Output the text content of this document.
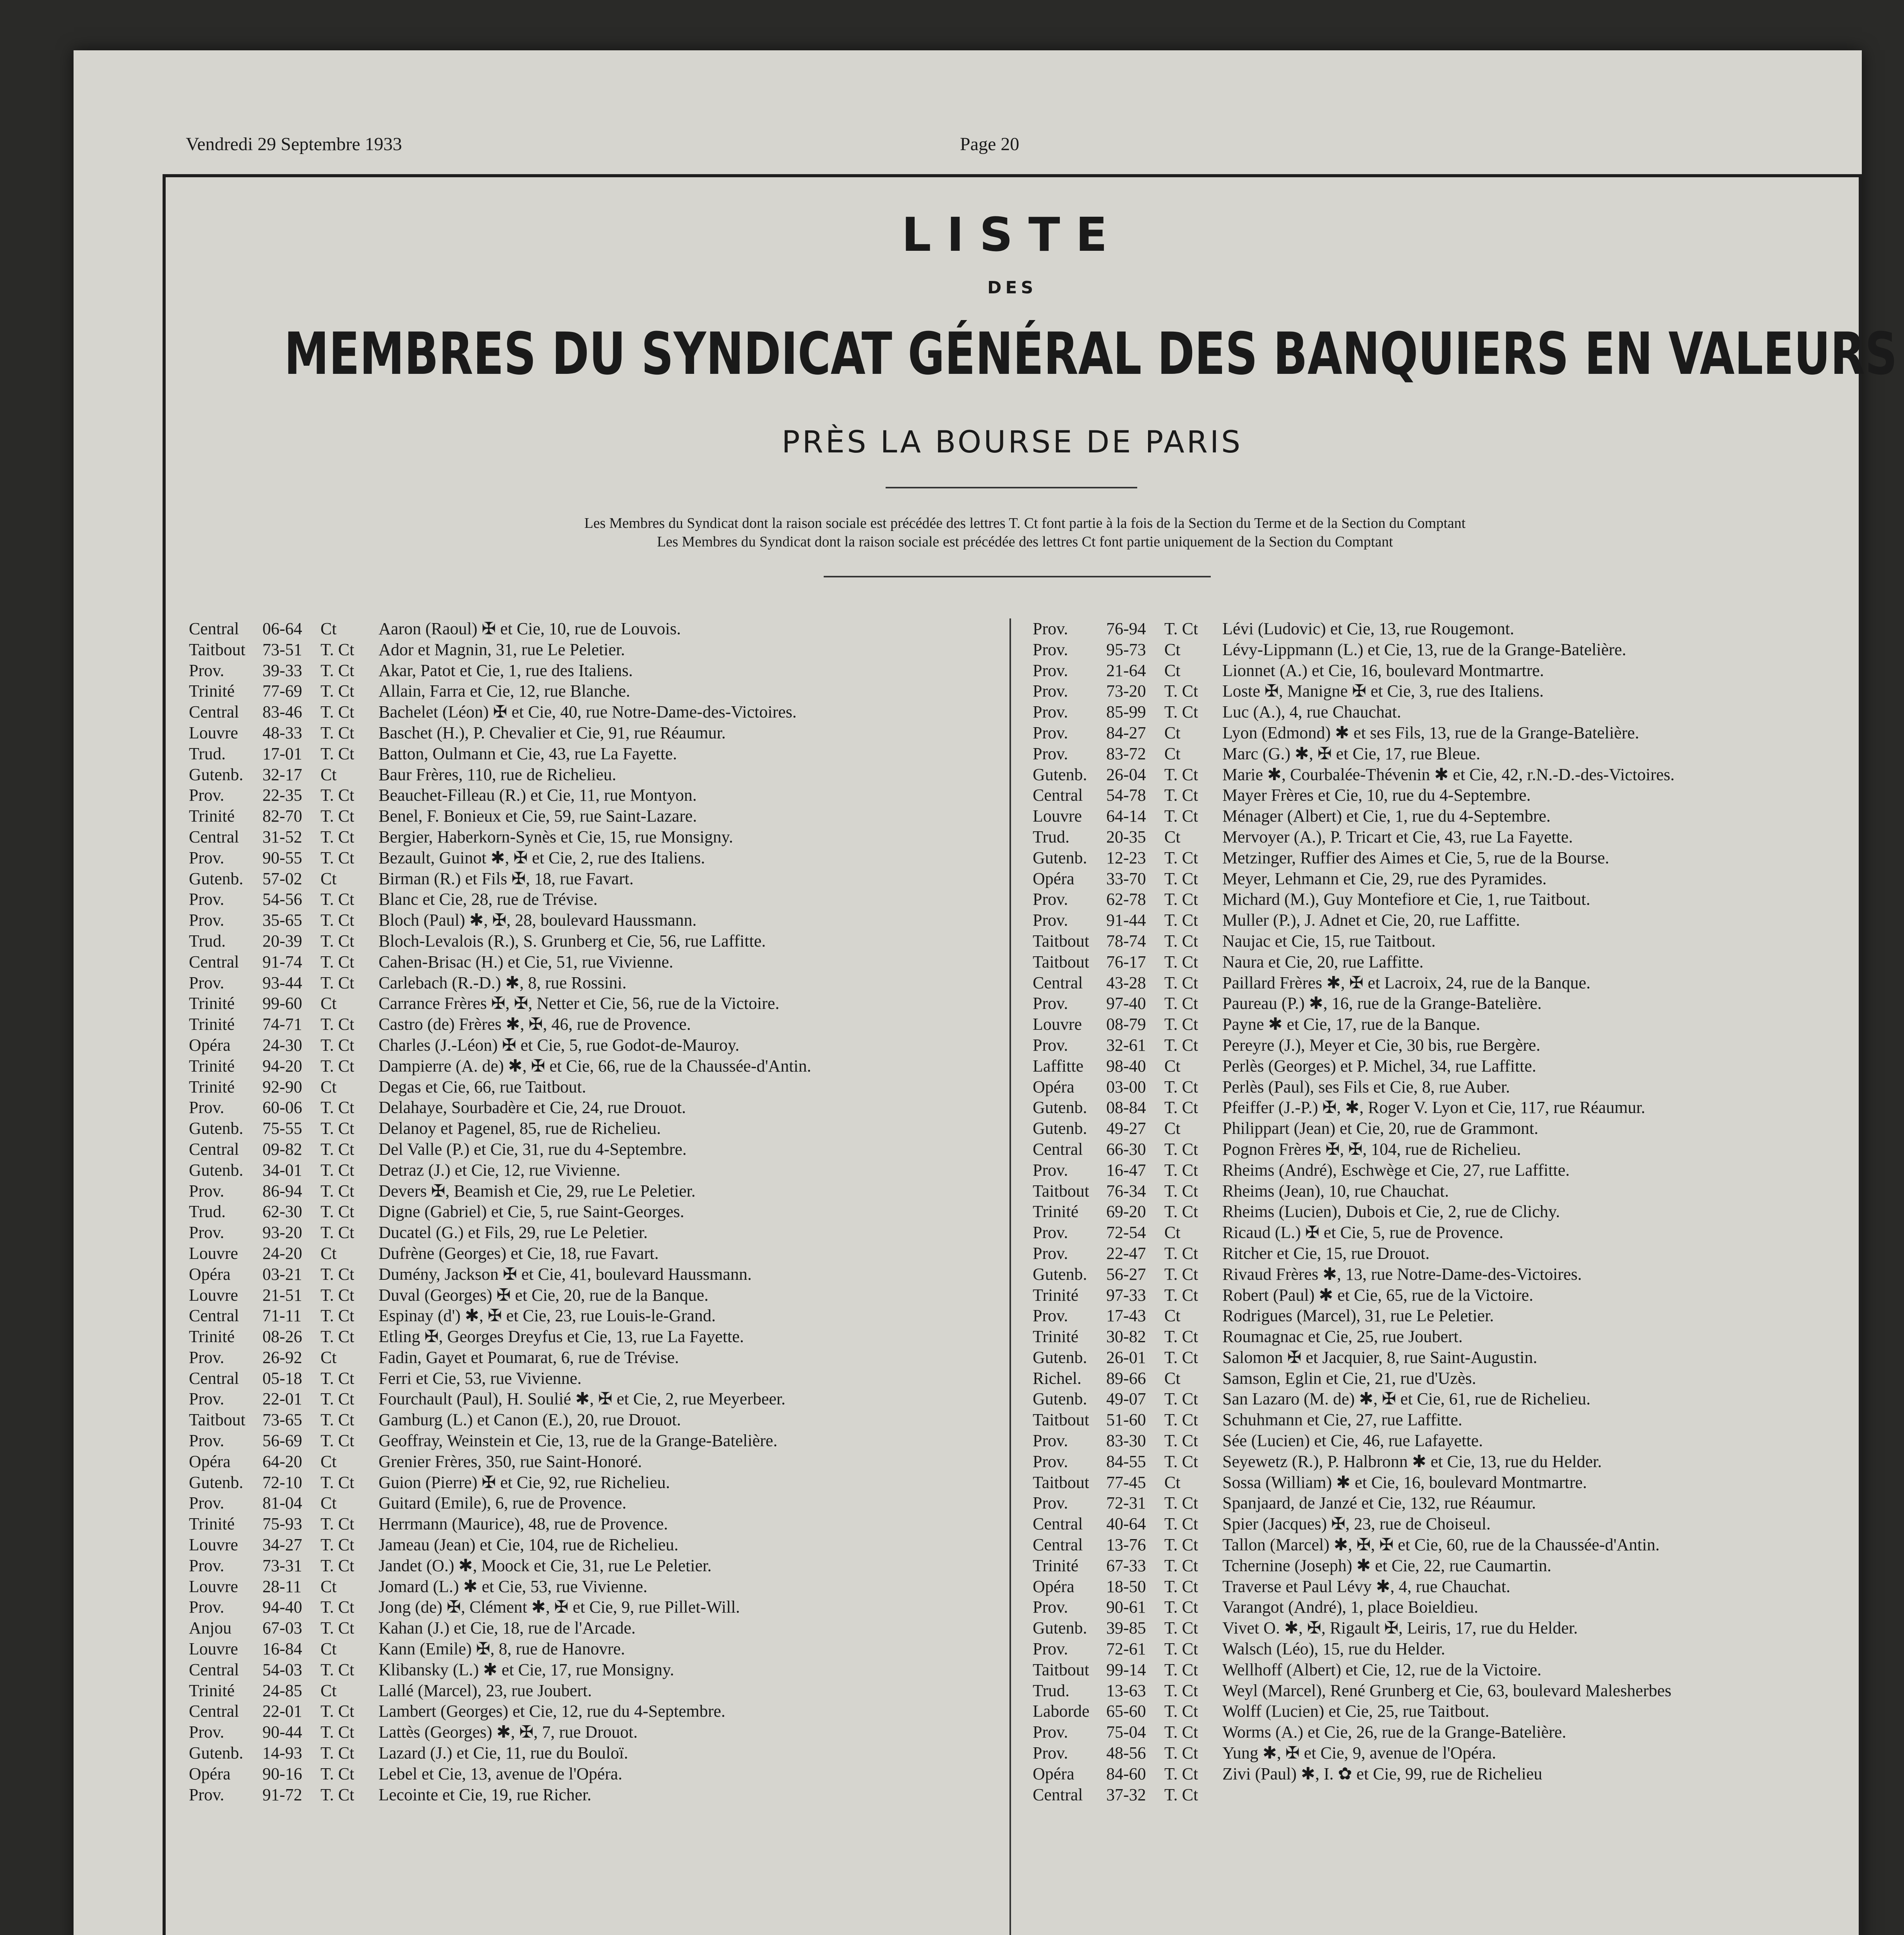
Vendredi 29 Septembre 1933	Page 20
LISTE
DES
MEMBRES DU SYNDICAT GÉNÉRAL DES BANQUIERS EN VALEURS
PRÈS LA BOURSE DE PARIS
Les Membres du Syndicat dont la raison sociale est précédée des lettres T. Ct font partie à la fois de la Section du Terme et de la Section du Comptant
Les Membres du Syndicat dont la raison sociale est précédée des lettres Ct font partie uniquement de la Section du Comptant
Central	06-64	Ct	Aaron (Raoul) ✠ et Cie, 10, rue de Louvois.
Taitbout 73-51	T. Ct	Ador et Magnin, 31, rue Le Peletier.
Prov.	39-33	T. Ct	Akar, Patot et Cie, 1, rue des Italiens.
Trinité	77-69	T. Ct	Allain, Farra et Cie, 12, rue Blanche.
Central	83-46	T. Ct	Bachelet (Léon) ✠ et Cie, 40, rue Notre-Dame-des-Victoires.
Louvre	48-33	T. Ct	Baschet (H.), P. Chevalier et Cie, 91, rue Réaumur.
Trud.	17-01	T. Ct	Batton, Oulmann et Cie, 43, rue La Fayette.
Gutenb.	32-17	Ct	Baur Frères, 110, rue de Richelieu.
Prov.	22-35	T. Ct	Beauchet-Filleau (R.) et Cie, 11, rue Montyon.
Trinité	82-70	T. Ct	Benel, F. Bonieux et Cie, 59, rue Saint-Lazare.
Central	31-52	T. Ct	Bergier, Haberkorn-Synès et Cie, 15, rue Monsigny.
Prov.	90-55	T. Ct	Bezault, Guinot ✱, ✠ et Cie, 2, rue des Italiens.
Gutenb.	57-02	Ct	Birman (R.) et Fils ✠, 18, rue Favart.
Prov.	54-56	T. Ct	Blanc et Cie, 28, rue de Trévise.
Prov.	35-65	T. Ct	Bloch (Paul) ✱, ✠, 28, boulevard Haussmann.
Trud.	20-39	T. Ct	Bloch-Levalois (R.), S. Grunberg et Cie, 56, rue Laffitte.
Central	91-74	T. Ct	Cahen-Brisac (H.) et Cie, 51, rue Vivienne.
Prov.	93-44	T. Ct	Carlebach (R.-D.) ✱, 8, rue Rossini.
Trinité	99-60	Ct	Carrance Frères ✠, ✠, Netter et Cie, 56, rue de la Victoire.
Trinité	74-71	T. Ct	Castro (de) Frères ✱, ✠, 46, rue de Provence.
Opéra	24-30	T. Ct	Charles (J.-Léon) ✠ et Cie, 5, rue Godot-de-Mauroy.
Trinité	94-20	T. Ct	Dampierre (A. de) ✱, ✠ et Cie, 66, rue de la Chaussée-d'Antin.
Trinité	92-90	Ct	Degas et Cie, 66, rue Taitbout.
Prov.	60-06	T. Ct	Delahaye, Sourbadère et Cie, 24, rue Drouot.
Gutenb.	75-55	T. Ct	Delanoy et Pagenel, 85, rue de Richelieu.
Central	09-82	T. Ct	Del Valle (P.) et Cie, 31, rue du 4-Septembre.
Gutenb.	34-01	T. Ct	Detraz (J.) et Cie, 12, rue Vivienne.
Prov.	86-94	T. Ct	Devers ✠, Beamish et Cie, 29, rue Le Peletier.
Trud.	62-30	T. Ct	Digne (Gabriel) et Cie, 5, rue Saint-Georges.
Prov.	93-20	T. Ct	Ducatel (G.) et Fils, 29, rue Le Peletier.
Louvre	24-20	Ct	Dufrène (Georges) et Cie, 18, rue Favart.
Opéra	03-21	T. Ct	Dumény, Jackson ✠ et Cie, 41, boulevard Haussmann.
Louvre	21-51	T. Ct	Duval (Georges) ✠ et Cie, 20, rue de la Banque.
Central	71-11	T. Ct	Espinay (d') ✱, ✠ et Cie, 23, rue Louis-le-Grand.
Trinité	08-26	T. Ct	Etling ✠, Georges Dreyfus et Cie, 13, rue La Fayette.
Prov.	26-92	Ct	Fadin, Gayet et Poumarat, 6, rue de Trévise.
Central	05-18	T. Ct	Ferri et Cie, 53, rue Vivienne.
Prov.	22-01	T. Ct	Fourchault (Paul), H. Soulié ✱, ✠ et Cie, 2, rue Meyerbeer.
Taitbout 73-65	T. Ct	Gamburg (L.) et Canon (E.), 20, rue Drouot.
Prov.	56-69	T. Ct	Geoffray, Weinstein et Cie, 13, rue de la Grange-Batelière.
Opéra	64-20	Ct	Grenier Frères, 350, rue Saint-Honoré.
Gutenb.	72-10	T. Ct	Guion (Pierre) ✠ et Cie, 92, rue Richelieu.
Prov.	81-04	Ct	Guitard (Emile), 6, rue de Provence.
Trinité	75-93	T. Ct	Herrmann (Maurice), 48, rue de Provence.
Louvre	34-27	T. Ct	Jameau (Jean) et Cie, 104, rue de Richelieu.
Prov.	73-31	T. Ct	Jandet (O.) ✱, Moock et Cie, 31, rue Le Peletier.
Louvre	28-11	Ct	Jomard (L.) ✱ et Cie, 53, rue Vivienne.
Prov.	94-40	T. Ct	Jong (de) ✠, Clément ✱, ✠ et Cie, 9, rue Pillet-Will.
Anjou	67-03	T. Ct	Kahan (J.) et Cie, 18, rue de l'Arcade.
Louvre	16-84	Ct	Kann (Emile) ✠, 8, rue de Hanovre.
Central	54-03	T. Ct	Klibansky (L.) ✱ et Cie, 17, rue Monsigny.
Trinité	24-85	Ct	Lallé (Marcel), 23, rue Joubert.
Central	22-01	T. Ct	Lambert (Georges) et Cie, 12, rue du 4-Septembre.
Prov.	90-44	T. Ct	Lattès (Georges) ✱, ✠, 7, rue Drouot.
Gutenb.	14-93	T. Ct	Lazard (J.) et Cie, 11, rue du Bouloï.
Opéra	90-16	T. Ct	Lebel et Cie, 13, avenue de l'Opéra.
Prov.	91-72	T. Ct	Lecointe et Cie, 19, rue Richer.
Prov.	76-94	T. Ct	Lévi (Ludovic) et Cie, 13, rue Rougemont.
Prov.	95-73	Ct	Lévy-Lippmann (L.) et Cie, 13, rue de la Grange-Batelière.
Prov.	21-64	Ct	Lionnet (A.) et Cie, 16, boulevard Montmartre.
Prov.	73-20	T. Ct	Loste ✠, Manigne ✠ et Cie, 3, rue des Italiens.
Prov.	85-99	T. Ct	Luc (A.), 4, rue Chauchat.
Prov.	84-27	Ct	Lyon (Edmond) ✱ et ses Fils, 13, rue de la Grange-Batelière.
Prov.	83-72	Ct	Marc (G.) ✱, ✠ et Cie, 17, rue Bleue.
Gutenb.	26-04	T. Ct	Marie ✱, Courbalée-Thévenin ✱ et Cie, 42, r.N.-D.-des-Victoires.
Central	54-78	T. Ct	Mayer Frères et Cie, 10, rue du 4-Septembre.
Louvre	64-14	T. Ct	Ménager (Albert) et Cie, 1, rue du 4-Septembre.
Trud.	20-35	Ct	Mervoyer (A.), P. Tricart et Cie, 43, rue La Fayette.
Gutenb.	12-23	T. Ct	Metzinger, Ruffier des Aimes et Cie, 5, rue de la Bourse.
Opéra	33-70	T. Ct	Meyer, Lehmann et Cie, 29, rue des Pyramides.
Prov.	62-78	T. Ct	Michard (M.), Guy Montefiore et Cie, 1, rue Taitbout.
Prov.	91-44	T. Ct	Muller (P.), J. Adnet et Cie, 20, rue Laffitte.
Taitbout 78-74	T. Ct	Naujac et Cie, 15, rue Taitbout.
Taitbout 76-17	T. Ct	Naura et Cie, 20, rue Laffitte.
Central	43-28	T. Ct	Paillard Frères ✱, ✠ et Lacroix, 24, rue de la Banque.
Prov.	97-40	T. Ct	Paureau (P.) ✱, 16, rue de la Grange-Batelière.
Louvre	08-79	T. Ct	Payne ✱ et Cie, 17, rue de la Banque.
Prov.	32-61	T. Ct	Pereyre (J.), Meyer et Cie, 30 bis, rue Bergère.
Laffitte	98-40	Ct	Perlès (Georges) et P. Michel, 34, rue Laffitte.
Opéra	03-00	T. Ct	Perlès (Paul), ses Fils et Cie, 8, rue Auber.
Gutenb.	08-84	T. Ct	Pfeiffer (J.-P.) ✠, ✱, Roger V. Lyon et Cie, 117, rue Réaumur.
Gutenb.	49-27	Ct	Philippart (Jean) et Cie, 20, rue de Grammont.
Central	66-30	T. Ct	Pognon Frères ✠, ✠, 104, rue de Richelieu.
Prov.	16-47	T. Ct	Rheims (André), Eschwège et Cie, 27, rue Laffitte.
Taitbout 76-34	T. Ct	Rheims (Jean), 10, rue Chauchat.
Trinité	69-20	T. Ct	Rheims (Lucien), Dubois et Cie, 2, rue de Clichy.
Prov.	72-54	Ct	Ricaud (L.) ✠ et Cie, 5, rue de Provence.
Prov.	22-47	T. Ct	Ritcher et Cie, 15, rue Drouot.
Gutenb.	56-27	T. Ct	Rivaud Frères ✱, 13, rue Notre-Dame-des-Victoires.
Trinité	97-33	T. Ct	Robert (Paul) ✱ et Cie, 65, rue de la Victoire.
Prov.	17-43	Ct	Rodrigues (Marcel), 31, rue Le Peletier.
Trinité	30-82	T. Ct	Roumagnac et Cie, 25, rue Joubert.
Gutenb.	26-01	T. Ct	Salomon ✠ et Jacquier, 8, rue Saint-Augustin.
Richel.	89-66	Ct	Samson, Eglin et Cie, 21, rue d'Uzès.
Gutenb.	49-07	T. Ct	San Lazaro (M. de) ✱, ✠ et Cie, 61, rue de Richelieu.
Taitbout 51-60	T. Ct	Schuhmann et Cie, 27, rue Laffitte.
Prov.	83-30	T. Ct	Sée (Lucien) et Cie, 46, rue Lafayette.
Prov.	84-55	T. Ct	Seyewetz (R.), P. Halbronn ✱ et Cie, 13, rue du Helder.
Taitbout 77-45	Ct	Sossa (William) ✱ et Cie, 16, boulevard Montmartre.
Prov.	72-31	T. Ct	Spanjaard, de Janzé et Cie, 132, rue Réaumur.
Central	40-64	T. Ct	Spier (Jacques) ✠, 23, rue de Choiseul.
Central	13-76	T. Ct	Tallon (Marcel) ✱, ✠, ✠ et Cie, 60, rue de la Chaussée-d'Antin.
Trinité	67-33	T. Ct	Tchernine (Joseph) ✱ et Cie, 22, rue Caumartin.
Opéra	18-50	T. Ct	Traverse et Paul Lévy ✱, 4, rue Chauchat.
Prov.	90-61	T. Ct	Varangot (André), 1, place Boieldieu.
Gutenb.	39-85	T. Ct	Vivet O. ✱, ✠, Rigault ✠, Leiris, 17, rue du Helder.
Prov.	72-61	T. Ct	Walsch (Léo), 15, rue du Helder.
Taitbout 99-14	T. Ct	Wellhoff (Albert) et Cie, 12, rue de la Victoire.
Trud.	13-63	T. Ct	Weyl (Marcel), René Grunberg et Cie, 63, boulevard Malesherbes
Laborde 65-60	T. Ct	Wolff (Lucien) et Cie, 25, rue Taitbout.
Prov.	75-04	T. Ct	Worms (A.) et Cie, 26, rue de la Grange-Batelière.
Prov.	48-56	T. Ct	Yung ✱, ✠ et Cie, 9, avenue de l'Opéra.
Opéra	84-60	T. Ct	Zivi (Paul) ✱, I. ✿ et Cie, 99, rue de Richelieu
Central	37-32	T. Ct
